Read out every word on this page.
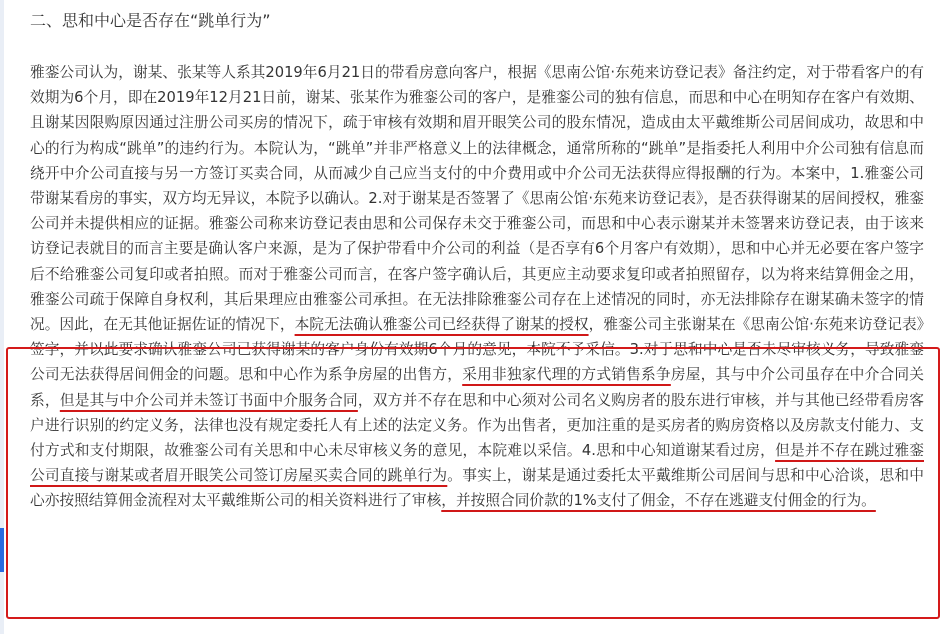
二、思和中心是否存在“跳单行为”
雅銮公司认为，谢某、张某等人系其2019年6月21日的带看房意向客户，根据《思南公馆·东苑来访登记表》备注约定，对于带看客户的有效期为6个月，即在2019年12月21日前，谢某、张某作为雅銮公司的客户，是雅銮公司的独有信息，而思和中心在明知存在客户有效期、且谢某因限购原因通过注册公司买房的情况下，疏于审核有效期和眉开眼笑公司的股东情况，造成由太平戴维斯公司居间成功，故思和中心的行为构成“跳单”的违约行为。本院认为，“跳单”并非严格意义上的法律概念，通常所称的“跳单”是指委托人利用中介公司独有信息而绕开中介公司直接与另一方签订买卖合同，从而减少自己应当支付的中介费用或中介公司无法获得应得报酬的行为。本案中，1.雅銮公司带谢某看房的事实，双方均无异议，本院予以确认。2.对于谢某是否签署了《思南公馆·东苑来访登记表》，是否获得谢某的居间授权，雅銮公司并未提供相应的证据。雅銮公司称来访登记表由思和公司保存未交于雅銮公司，而思和中心表示谢某并未签署来访登记表，由于该来访登记表就目的而言主要是确认客户来源，是为了保护带看中介公司的利益（是否享有6个月客户有效期），思和中心并无必要在客户签字后不给雅銮公司复印或者拍照。而对于雅銮公司而言，在客户签字确认后，其更应主动要求复印或者拍照留存，以为将来结算佣金之用，雅銮公司疏于保障自身权利，其后果理应由雅銮公司承担。在无法排除雅銮公司存在上述情况的同时，亦无法排除存在谢某确未签字的情况。因此，在无其他证据佐证的情况下，本院无法确认雅銮公司已经获得了谢某的授权，雅銮公司主张谢某在《思南公馆·东苑来访登记表》签字，并以此要求确认雅銮公司已获得谢某的客户身份有效期6个月的意见，本院不予采信。3.对于思和中心是否未尽审核义务，导致雅銮公司无法获得居间佣金的问题。思和中心作为系争房屋的出售方，采用非独家代理的方式销售系争房屋，其与中介公司虽存在中介合同关系，但是其与中介公司并未签订书面中介服务合同，双方并不存在思和中心须对公司名义购房者的股东进行审核，并与其他已经带看房客户进行识别的约定义务，法律也没有规定委托人有上述的法定义务。作为出售者，更加注重的是买房者的购房资格以及房款支付能力、支付方式和支付期限，故雅銮公司有关思和中心未尽审核义务的意见，本院难以采信。4.思和中心知道谢某看过房，但是并不存在跳过雅銮公司直接与谢某或者眉开眼笑公司签订房屋买卖合同的跳单行为。事实上，谢某是通过委托太平戴维斯公司居间与思和中心洽谈，思和中心亦按照结算佣金流程对太平戴维斯公司的相关资料进行了审核，并按照合同价款的1%支付了佣金，不存在逃避支付佣金的行为。
